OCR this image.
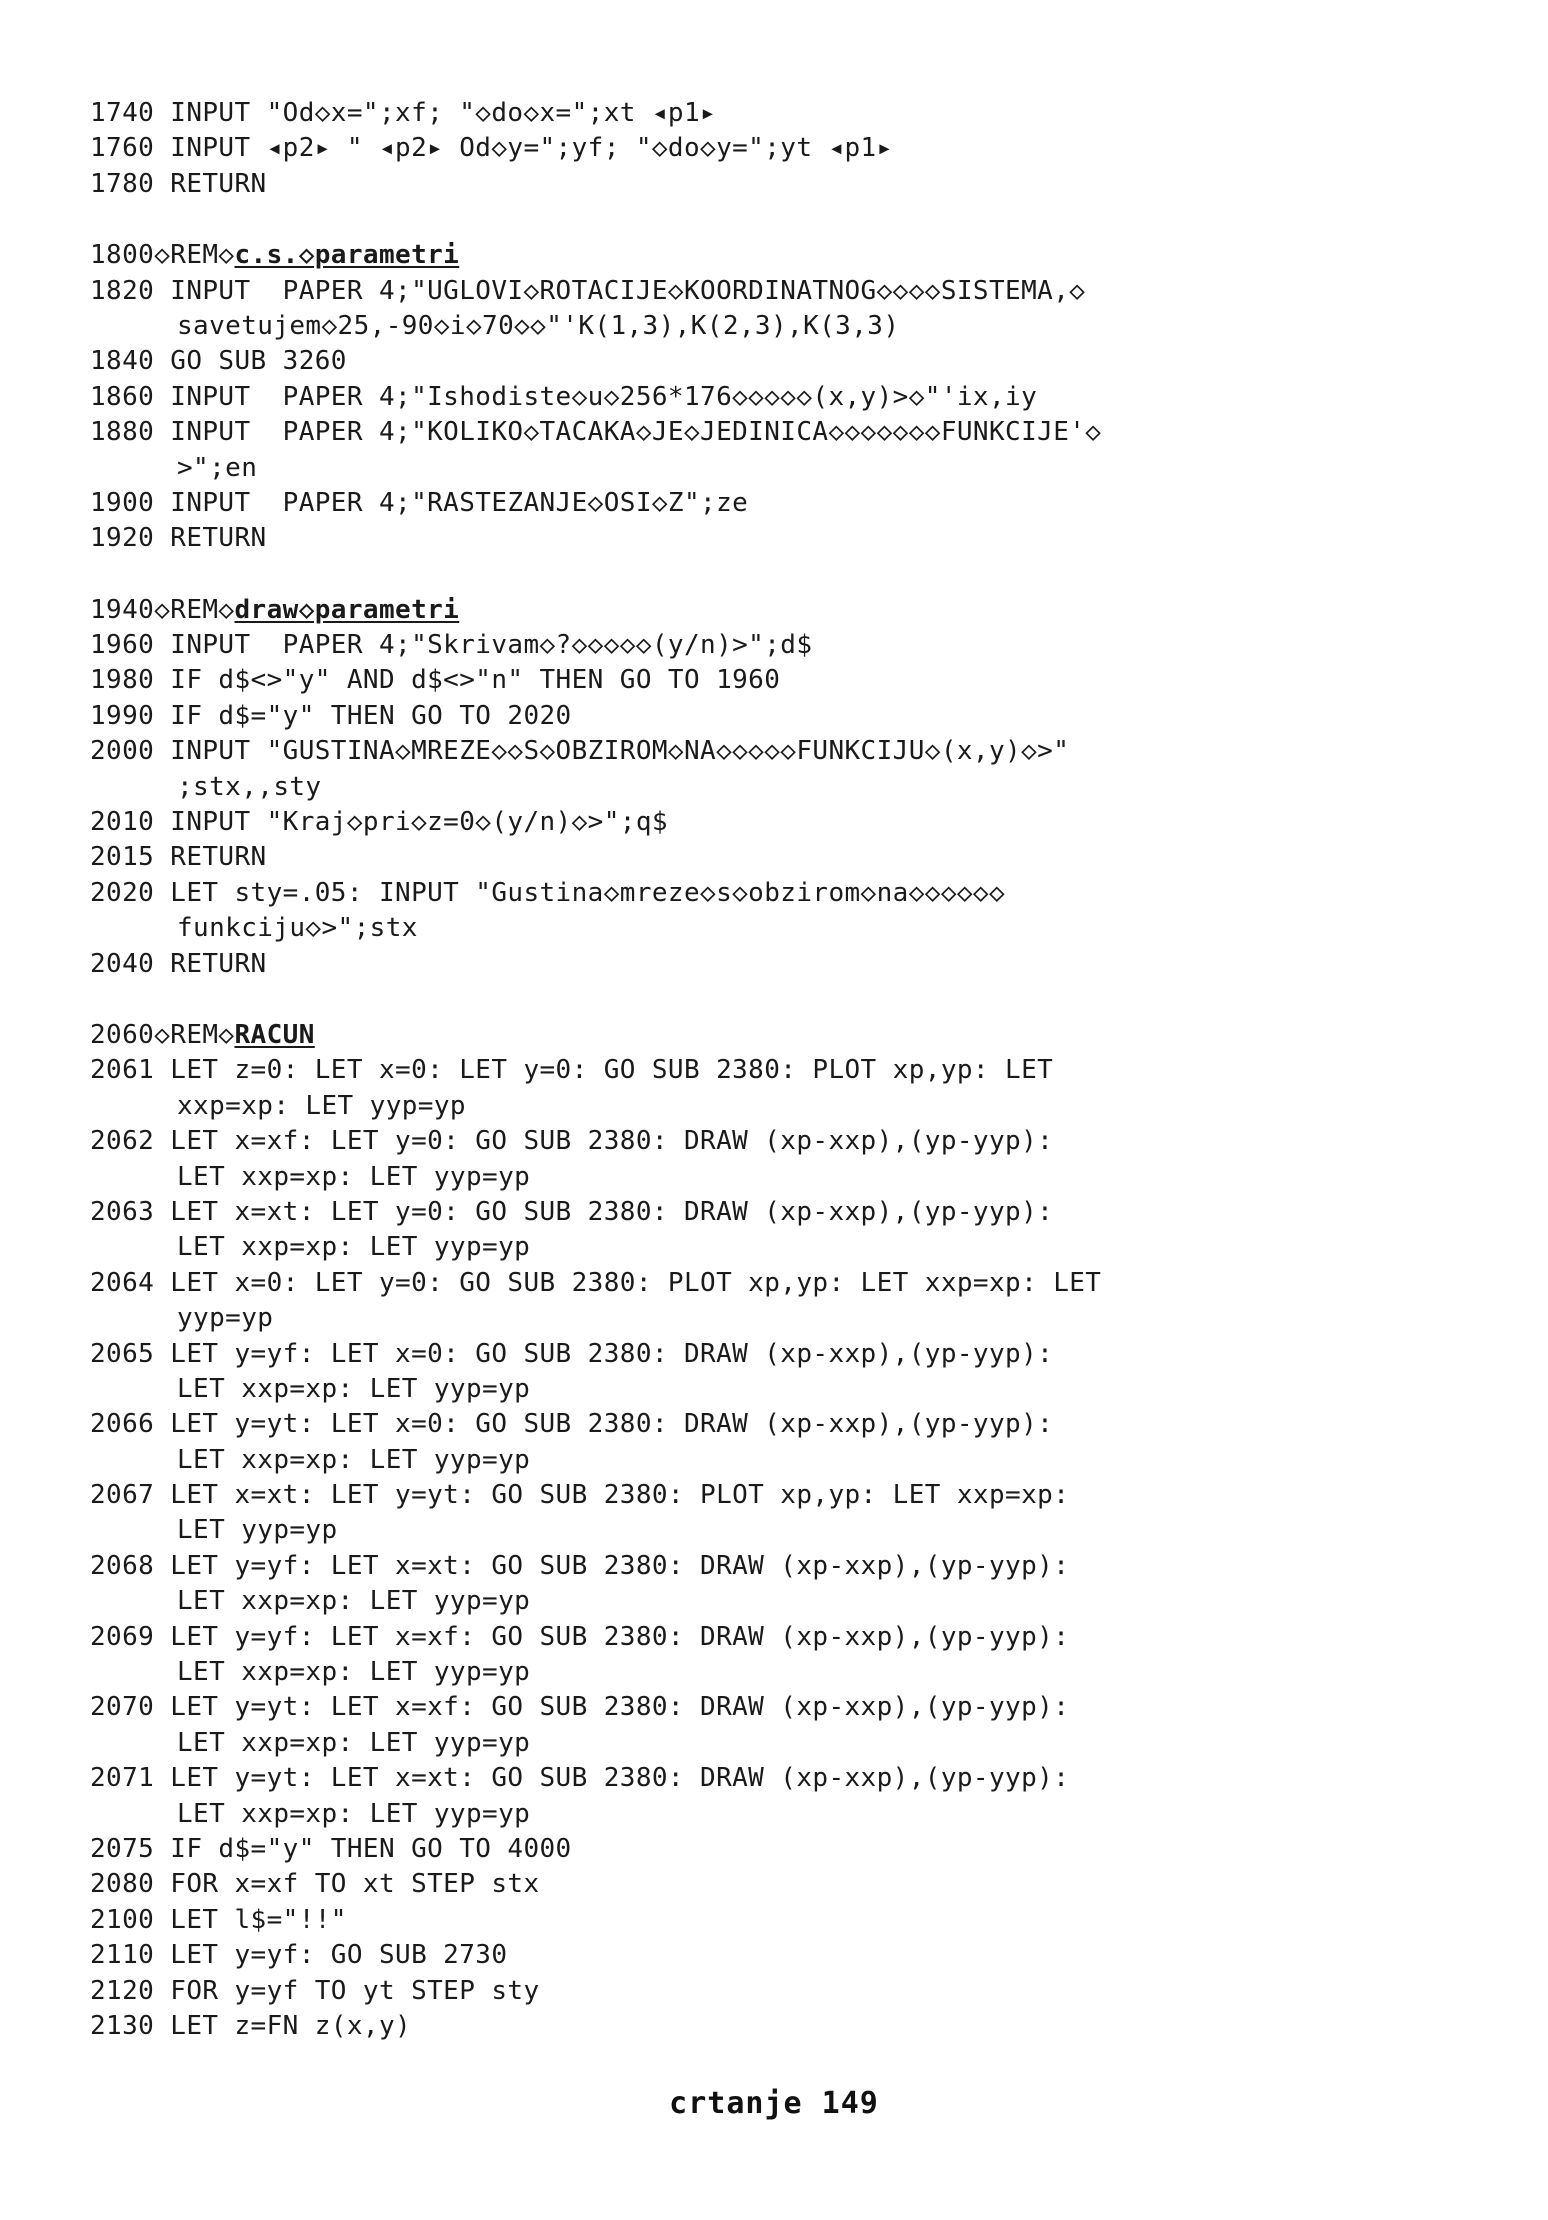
1740 INPUT "Od◇x=";xf; "◇do◇x=";xt ◂p1▸
1760 INPUT ◂p2▸ " ◂p2▸ Od◇y=";yf; "◇do◇y=";yt ◂p1▸
1780 RETURN
1800◇REM◇c.s.◇parametri
1820 INPUT  PAPER 4;"UGLOVI◇ROTACIJE◇KOORDINATNOG◇◇◇◇SISTEMA,◇
savetujem◇25,-90◇i◇70◇◇"'K(1,3),K(2,3),K(3,3)
1840 GO SUB 3260
1860 INPUT  PAPER 4;"Ishodiste◇u◇256*176◇◇◇◇◇(x,y)>◇"'ix,iy
1880 INPUT  PAPER 4;"KOLIKO◇TACAKA◇JE◇JEDINICA◇◇◇◇◇◇◇FUNKCIJE'◇
>";en
1900 INPUT  PAPER 4;"RASTEZANJE◇OSI◇Z";ze
1920 RETURN
1940◇REM◇draw◇parametri
1960 INPUT  PAPER 4;"Skrivam◇?◇◇◇◇◇(y/n)>";d$
1980 IF d$<>"y" AND d$<>"n" THEN GO TO 1960
1990 IF d$="y" THEN GO TO 2020
2000 INPUT "GUSTINA◇MREZE◇◇S◇OBZIROM◇NA◇◇◇◇◇FUNKCIJU◇(x,y)◇>"
;stx,,sty
2010 INPUT "Kraj◇pri◇z=0◇(y/n)◇>";q$
2015 RETURN
2020 LET sty=.05: INPUT "Gustina◇mreze◇s◇obzirom◇na◇◇◇◇◇◇
funkciju◇>";stx
2040 RETURN
2060◇REM◇RACUN
2061 LET z=0: LET x=0: LET y=0: GO SUB 2380: PLOT xp,yp: LET
xxp=xp: LET yyp=yp
2062 LET x=xf: LET y=0: GO SUB 2380: DRAW (xp-xxp),(yp-yyp):
LET xxp=xp: LET yyp=yp
2063 LET x=xt: LET y=0: GO SUB 2380: DRAW (xp-xxp),(yp-yyp):
LET xxp=xp: LET yyp=yp
2064 LET x=0: LET y=0: GO SUB 2380: PLOT xp,yp: LET xxp=xp: LET
yyp=yp
2065 LET y=yf: LET x=0: GO SUB 2380: DRAW (xp-xxp),(yp-yyp):
LET xxp=xp: LET yyp=yp
2066 LET y=yt: LET x=0: GO SUB 2380: DRAW (xp-xxp),(yp-yyp):
LET xxp=xp: LET yyp=yp
2067 LET x=xt: LET y=yt: GO SUB 2380: PLOT xp,yp: LET xxp=xp:
LET yyp=yp
2068 LET y=yf: LET x=xt: GO SUB 2380: DRAW (xp-xxp),(yp-yyp):
LET xxp=xp: LET yyp=yp
2069 LET y=yf: LET x=xf: GO SUB 2380: DRAW (xp-xxp),(yp-yyp):
LET xxp=xp: LET yyp=yp
2070 LET y=yt: LET x=xf: GO SUB 2380: DRAW (xp-xxp),(yp-yyp):
LET xxp=xp: LET yyp=yp
2071 LET y=yt: LET x=xt: GO SUB 2380: DRAW (xp-xxp),(yp-yyp):
LET xxp=xp: LET yyp=yp
2075 IF d$="y" THEN GO TO 4000
2080 FOR x=xf TO xt STEP stx
2100 LET l$="!!"
2110 LET y=yf: GO SUB 2730
2120 FOR y=yf TO yt STEP sty
2130 LET z=FN z(x,y)
crtanje 149
